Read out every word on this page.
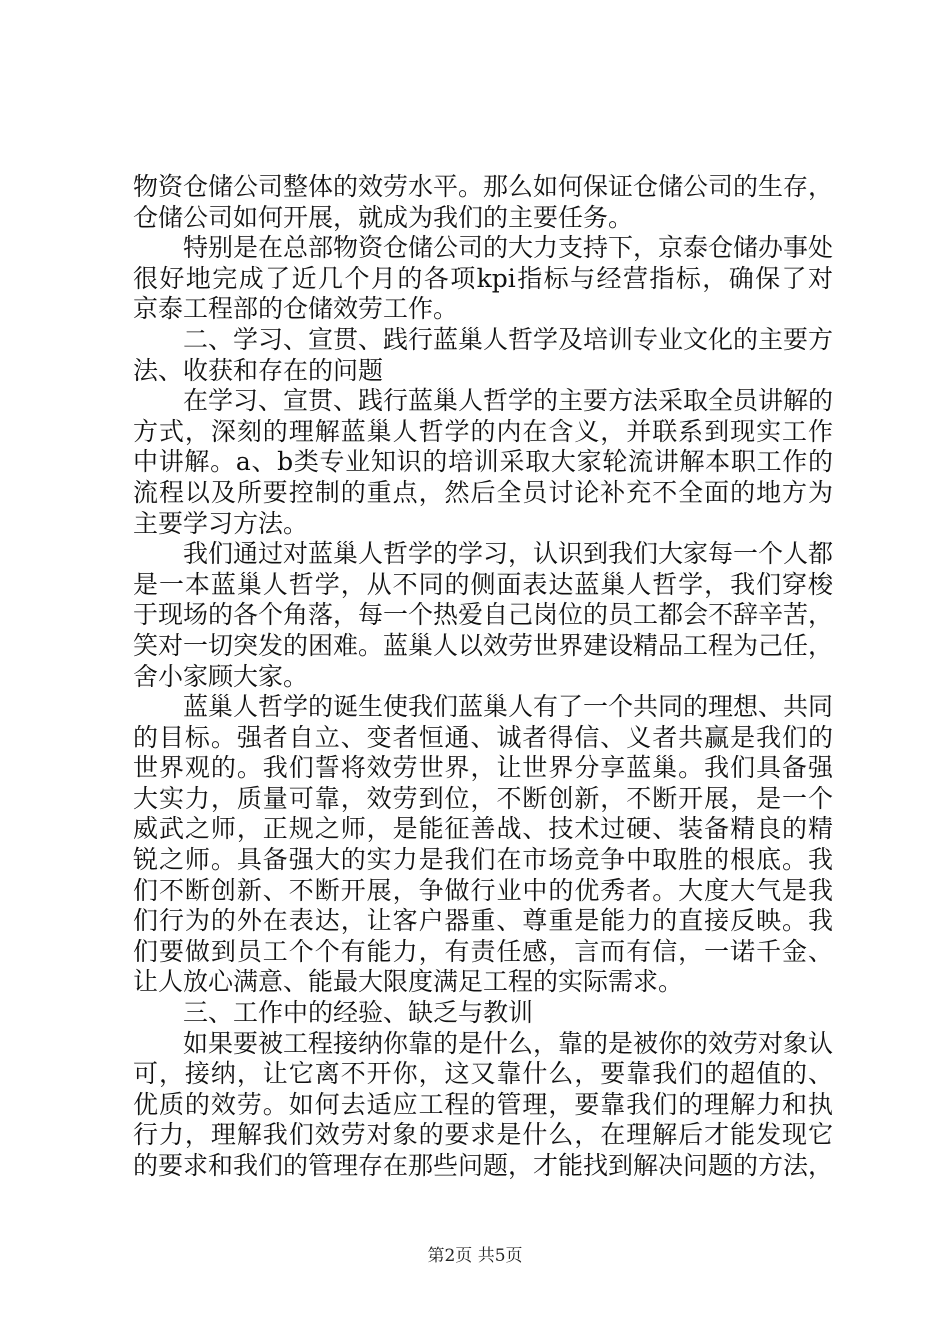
物资仓储公司整体的效劳水平。那么如何保证仓储公司的生存，
仓储公司如何开展，就成为我们的主要任务。
　　特别是在总部物资仓储公司的大力支持下，京泰仓储办事处
很好地完成了近几个月的各项kpi指标与经营指标，确保了对
京泰工程部的仓储效劳工作。
　　二、学习、宣贯、践行蓝巢人哲学及培训专业文化的主要方
法、收获和存在的问题
　　在学习、宣贯、践行蓝巢人哲学的主要方法采取全员讲解的
方式，深刻的理解蓝巢人哲学的内在含义，并联系到现实工作
中讲解。a、b类专业知识的培训采取大家轮流讲解本职工作的
流程以及所要控制的重点，然后全员讨论补充不全面的地方为
主要学习方法。
　　我们通过对蓝巢人哲学的学习，认识到我们大家每一个人都
是一本蓝巢人哲学，从不同的侧面表达蓝巢人哲学，我们穿梭
于现场的各个角落，每一个热爱自己岗位的员工都会不辞辛苦，
笑对一切突发的困难。蓝巢人以效劳世界建设精品工程为己任，
舍小家顾大家。
　　蓝巢人哲学的诞生使我们蓝巢人有了一个共同的理想、共同
的目标。强者自立、变者恒通、诚者得信、义者共赢是我们的
世界观的。我们誓将效劳世界，让世界分享蓝巢。我们具备强
大实力，质量可靠，效劳到位，不断创新，不断开展，是一个
威武之师，正规之师，是能征善战、技术过硬、装备精良的精
锐之师。具备强大的实力是我们在市场竞争中取胜的根底。我
们不断创新、不断开展，争做行业中的优秀者。大度大气是我
们行为的外在表达，让客户器重、尊重是能力的直接反映。我
们要做到员工个个有能力，有责任感，言而有信，一诺千金、
让人放心满意、能最大限度满足工程的实际需求。
　　三、工作中的经验、缺乏与教训
　　如果要被工程接纳你靠的是什么，靠的是被你的效劳对象认
可，接纳，让它离不开你，这又靠什么，要靠我们的超值的、
优质的效劳。如何去适应工程的管理，要靠我们的理解力和执
行力，理解我们效劳对象的要求是什么，在理解后才能发现它
的要求和我们的管理存在那些问题，才能找到解决问题的方法，
第2页 共5页
